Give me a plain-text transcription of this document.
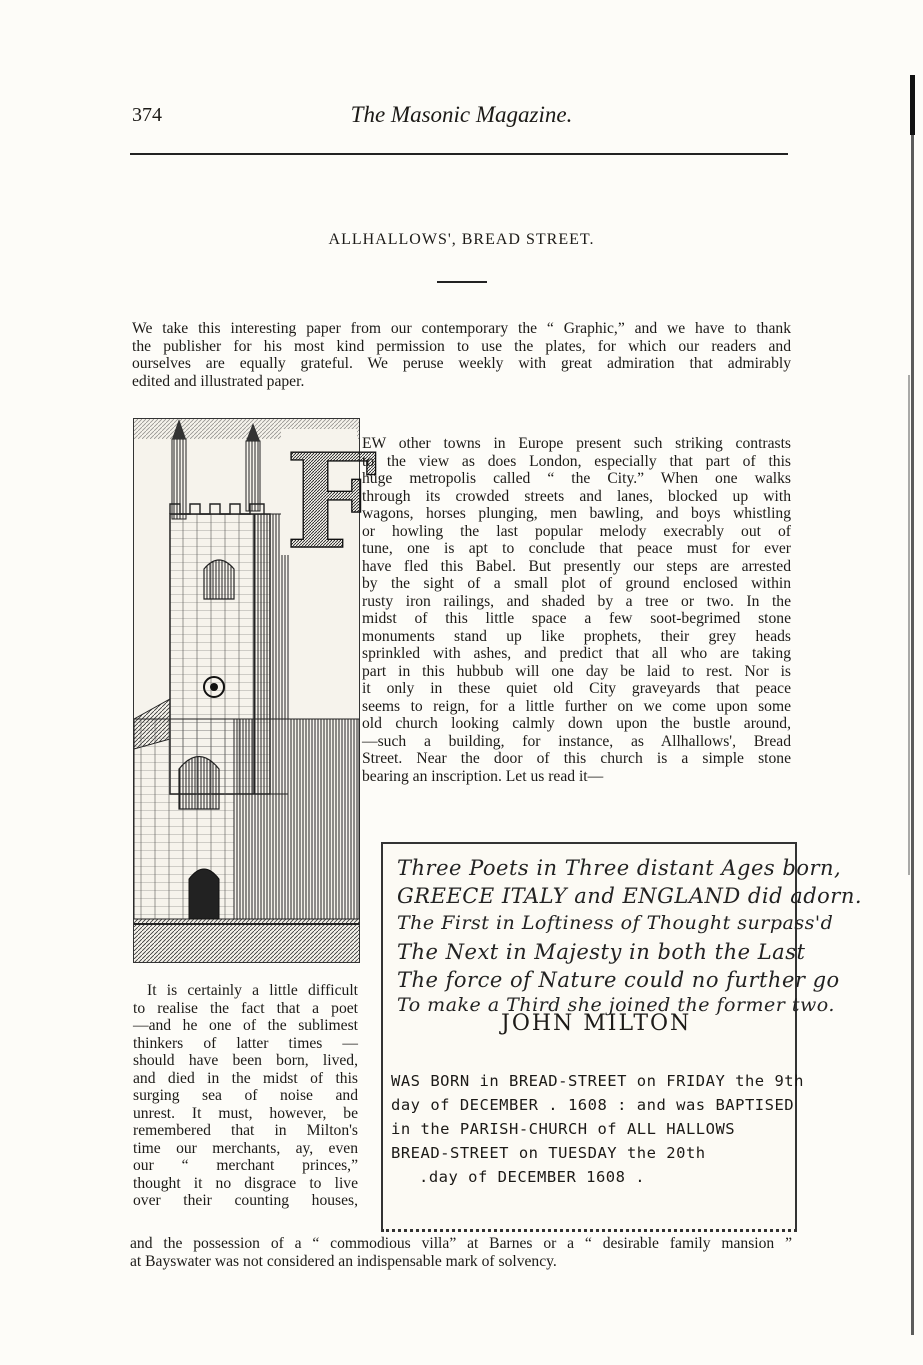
374	The Masonic Magazine.
ALLHALLOWS', BREAD STREET.
We take this interesting paper from our contemporary the “ Graphic,” and we have to thank
the publisher for his most kind permission to use the plates, for which our readers and
ourselves are equally grateful. We peruse weekly with great admiration that admirably
edited and illustrated paper.
F
EW other towns in Europe present such striking contrasts
to the view as does London, especially that part of this
huge metropolis called “ the City.” When one walks
through its crowded streets and lanes, blocked up with
wagons, horses plunging, men bawling, and boys whistling
or howling the last popular melody execrably out of
tune, one is apt to conclude that peace must for ever
have fled this Babel. But presently our steps are arrested
by the sight of a small plot of ground enclosed within
rusty iron railings, and shaded by a tree or two. In the
midst of this little space a few soot-begrimed stone
monuments stand up like prophets, their grey heads
sprinkled with ashes, and predict that all who are taking
part in this hubbub will one day be laid to rest. Nor is
it only in these quiet old City graveyards that peace
seems to reign, for a little further on we come upon some
old church looking calmly down upon the bustle around,
—such a building, for instance, as Allhallows', Bread
Street. Near the door of this church is a simple stone
bearing an inscription. Let us read it—
It is certainly a little difficult
to realise the fact that a poet
—and he one of the sublimest
thinkers of latter times —
should have been born, lived,
and died in the midst of this
surging sea of noise and
unrest. It must, however, be
remembered that in Milton's
time our merchants, ay, even
our “ merchant princes,”
thought it no disgrace to live
over their counting houses,
Three Poets in Three distant Ages born,
GREECE ITALY and ENGLAND did adorn.
The First in Loftiness of Thought surpass'd
The Next in Majesty in both the Last
The force of Nature could no further go
To make a Third she joined the former two.
JOHN MILTON
WAS BORN in BREAD-STREET on FRIDAY the 9th
day of DECEMBER . 1608 : and was BAPTISED
in the PARISH-CHURCH of ALL HALLOWS
BREAD-STREET on TUESDAY the 20th
.day of DECEMBER 1608 .
and the possession of a “ commodious villa” at Barnes or a “ desirable family mansion ”
at Bayswater was not considered an indispensable mark of solvency.
